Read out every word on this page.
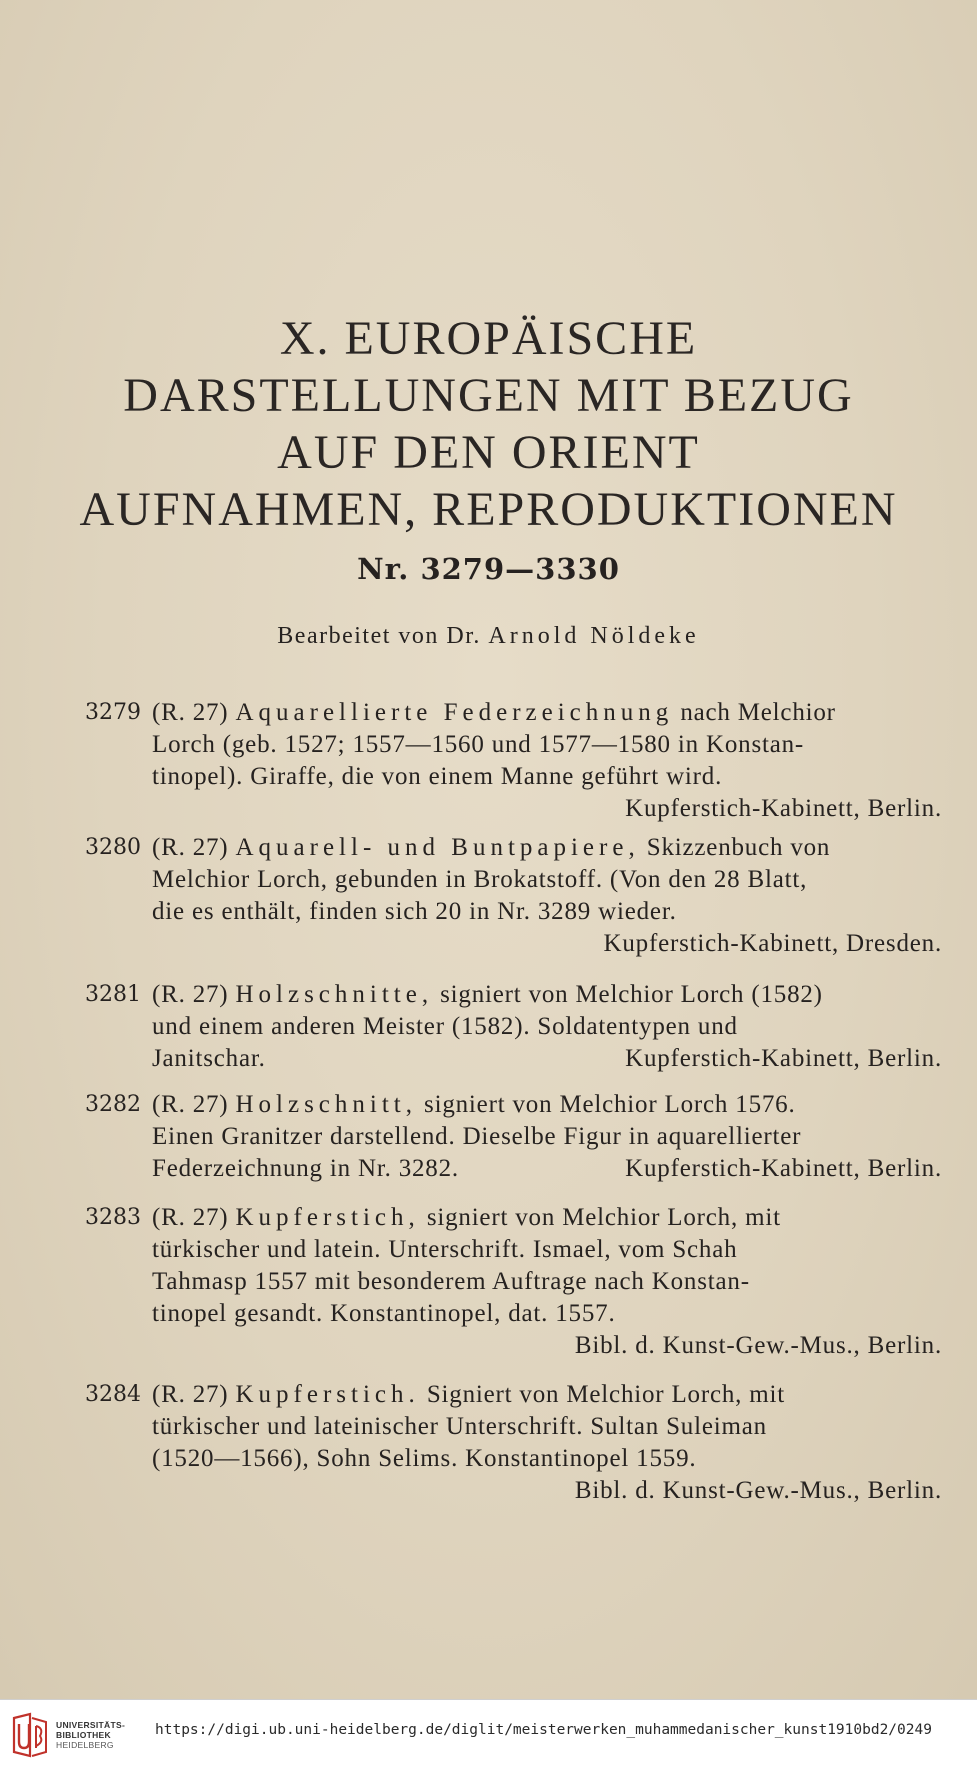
X. EUROPÄISCHE
DARSTELLUNGEN MIT BEZUG
AUF DEN ORIENT
AUFNAHMEN, REPRODUKTIONEN
Nr. 3279—3330
Bearbeitet von Dr. Arnold Nöldeke
3279 (R. 27) Aquarellierte Federzeichnung nach Melchior
Lorch (geb. 1527; 1557—1560 und 1577—1580 in Konstan-
tinopel). Giraffe, die von einem Manne geführt wird.
Kupferstich-Kabinett, Berlin.
3280 (R. 27) Aquarell- und Buntpapiere, Skizzenbuch von
Melchior Lorch, gebunden in Brokatstoff. (Von den 28 Blatt,
die es enthält, finden sich 20 in Nr. 3289 wieder.
Kupferstich-Kabinett, Dresden.
3281 (R. 27) Holzschnitte, signiert von Melchior Lorch (1582)
und einem anderen Meister (1582). Soldatentypen und
Janitschar.	Kupferstich-Kabinett, Berlin.
3282 (R. 27) Holzschnitt, signiert von Melchior Lorch 1576.
Einen Granitzer darstellend. Dieselbe Figur in aquarellierter
Federzeichnung in Nr. 3282.	Kupferstich-Kabinett, Berlin.
3283 (R. 27) Kupferstich, signiert von Melchior Lorch, mit
türkischer und latein. Unterschrift. Ismael, vom Schah
Tahmasp 1557 mit besonderem Auftrage nach Konstan-
tinopel gesandt. Konstantinopel, dat. 1557.
Bibl. d. Kunst-Gew.-Mus., Berlin.
3284 (R. 27) Kupferstich. Signiert von Melchior Lorch, mit
türkischer und lateinischer Unterschrift. Sultan Suleiman
(1520—1566), Sohn Selims. Konstantinopel 1559.
Bibl. d. Kunst-Gew.-Mus., Berlin.
UNIVERSITÄTS-
BIBLIOTHEK
HEIDELBERG
https://digi.ub.uni-heidelberg.de/diglit/meisterwerken_muhammedanischer_kunst1910bd2/0249
